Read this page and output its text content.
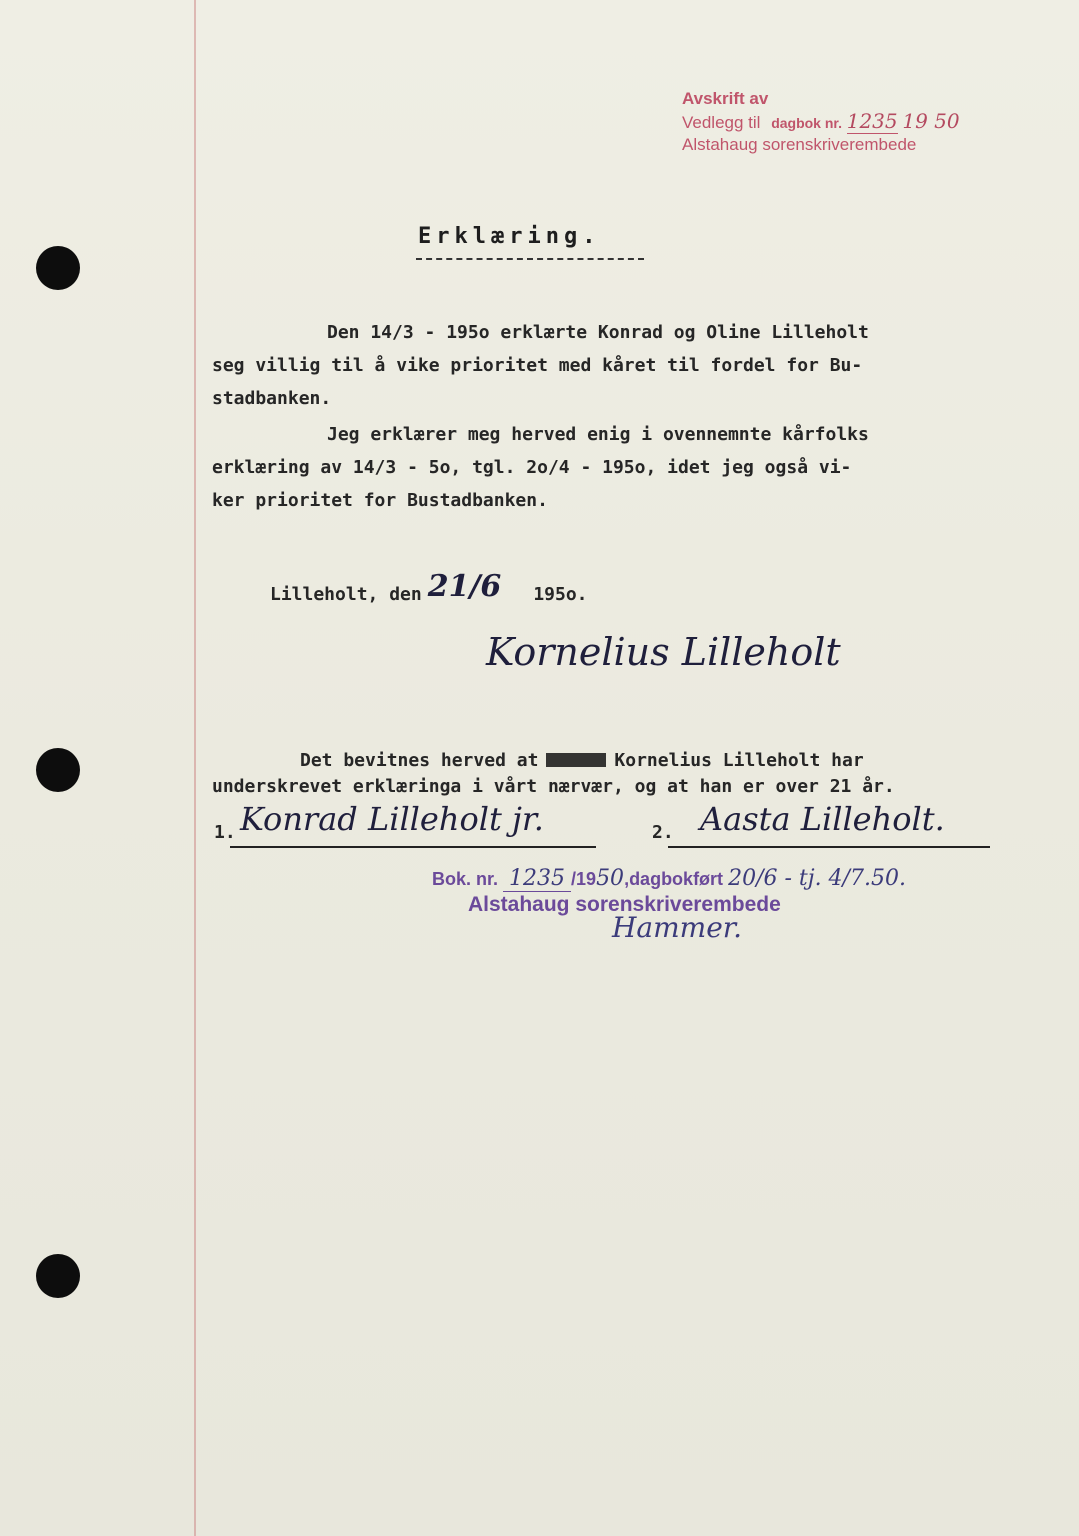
Avskrift av
Vedlegg til dagbok nr. 1235 19 50
Alstahaug sorenskriverembede
Erklæring.
Den 14/3 - 195o erklærte Konrad og Oline Lilleholt
seg villig til å vike prioritet med kåret til fordel for Bu-
stadbanken.
Jeg erklærer meg herved enig i ovennemnte kårfolks
erklæring av 14/3 - 5o, tgl. 2o/4 - 195o, idet jeg også vi-
ker prioritet for Bustadbanken.
Lilleholt, den 21/6 195o.
Kornelius Lilleholt
Det bevitnes herved at	Kornelius Lilleholt har
underskrevet erklæringa i vårt nærvær, og at han er over 21 år.
1. Konrad Lilleholt jr.	2. Aasta Lilleholt.
Bok. nr. 1235 /1950,dagbokført 20/6 - tj. 4/7.50.
Alstahaug sorenskriverembede
Hammer.
